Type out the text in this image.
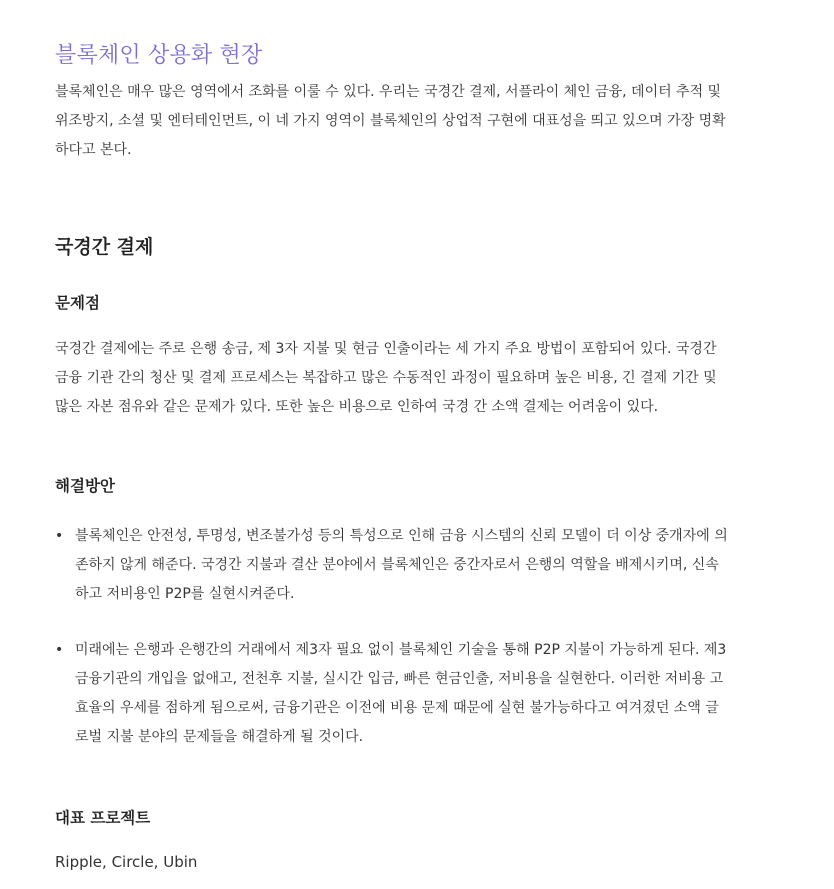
블록체인 상용화 현장

블록체인은 매우 많은 영역에서 조화를 이룰 수 있다. 우리는 국경간 결제, 서플라이 체인 금융, 데이터 추적 및
위조방지, 소셜 및 엔터테인먼트, 이 네 가지 영역이 블록체인의 상업적 구현에 대표성을 띄고 있으며 가장 명확
하다고 본다.

국경간 결제
문제점

국경간 결제에는 주로 은행 송금, 제 3자 지불 및 현금 인출이라는 세 가지 주요 방법이 포함되어 있다. 국경간
금융 기관 간의 청산 및 결제 프로세스는 복잡하고 많은 수동적인 과정이 필요하며 높은 비용, 긴 결제 기간 및
많은 자본 점유와 같은 문제가 있다. 또한 높은 비용으로 인하여 국경 간 소액 결제는 어려움이 있다.

해결방안
• 블록체인은 안전성, 투명성, 변조불가성 등의 특성으로 인해 금융 시스템의 신뢰 모델이 더 이상 중개자에 의
존하지 않게 해준다. 국경간 지불과 결산 분야에서 블록체인은 중간자로서 은행의 역할을 배제시키며, 신속
하고 저비용인 P2P를 실현시켜준다.
• 미래에는 은행과 은행간의 거래에서 제3자 필요 없이 블록체인 기술을 통해 P2P 지불이 가능하게 된다. 제3
금융기관의 개입을 없애고, 전천후 지불, 실시간 입금, 빠른 현금인출, 저비용을 실현한다. 이러한 저비용 고
효율의 우세를 점하게 됨으로써, 금융기관은 이전에 비용 문제 때문에 실현 불가능하다고 여겨졌던 소액 글
로벌 지불 분야의 문제들을 해결하게 될 것이다.
대표 프로젝트

Ripple, Circle, Ubin
